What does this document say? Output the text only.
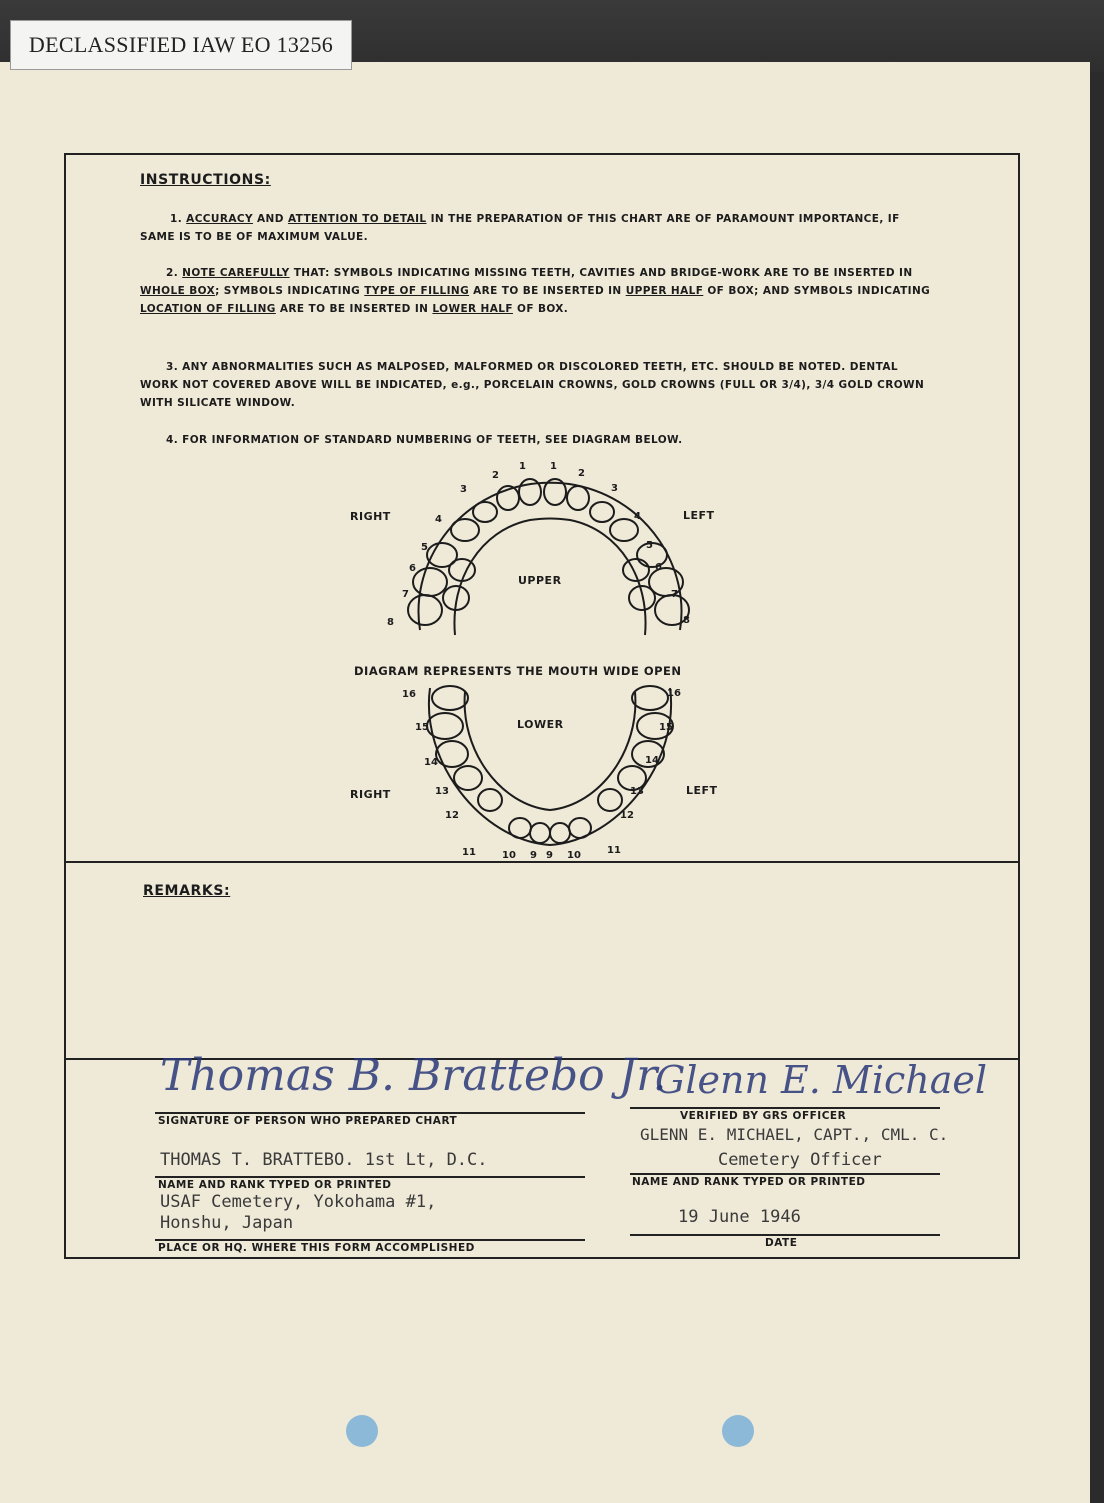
DECLASSIFIED IAW EO 13256
INSTRUCTIONS:
1. ACCURACY AND ATTENTION TO DETAIL IN THE PREPARATION OF THIS CHART ARE OF PARAMOUNT IMPORTANCE, IF SAME IS TO BE OF MAXIMUM VALUE.
2. NOTE CAREFULLY THAT: SYMBOLS INDICATING MISSING TEETH, CAVITIES AND BRIDGE-WORK ARE TO BE INSERTED IN WHOLE BOX; SYMBOLS INDICATING TYPE OF FILLING ARE TO BE INSERTED IN UPPER HALF OF BOX; AND SYMBOLS INDICATING LOCATION OF FILLING ARE TO BE INSERTED IN LOWER HALF OF BOX.
3. ANY ABNORMALITIES SUCH AS MALPOSED, MALFORMED OR DISCOLORED TEETH, ETC. SHOULD BE NOTED. DENTAL WORK NOT COVERED ABOVE WILL BE INDICATED, e.g., PORCELAIN CROWNS, GOLD CROWNS (FULL OR 3/4), 3/4 GOLD CROWN WITH SILICATE WINDOW.
4. FOR INFORMATION OF STANDARD NUMBERING OF TEETH, SEE DIAGRAM BELOW.
RIGHT	LEFT
UPPER
DIAGRAM REPRESENTS THE MOUTH WIDE OPEN
LOWER
RIGHT	LEFT
2
3
4
5
6
7
8
1 1
2
3
4
5
6
7
8
16
15
14
13
12
11
16
15
14
13
12
11
10 9 9 10
REMARKS:
Thomas B. Brattebo Jr.
SIGNATURE OF PERSON WHO PREPARED CHART
THOMAS T. BRATTEBO. 1st Lt, D.C.
NAME AND RANK TYPED OR PRINTED
USAF Cemetery, Yokohama #1,
Honshu, Japan
PLACE OR HQ. WHERE THIS FORM ACCOMPLISHED
Glenn E. Michael
VERIFIED BY GRS OFFICER
GLENN E. MICHAEL, CAPT., CML. C.
Cemetery Officer
NAME AND RANK TYPED OR PRINTED
19 June 1946
DATE
